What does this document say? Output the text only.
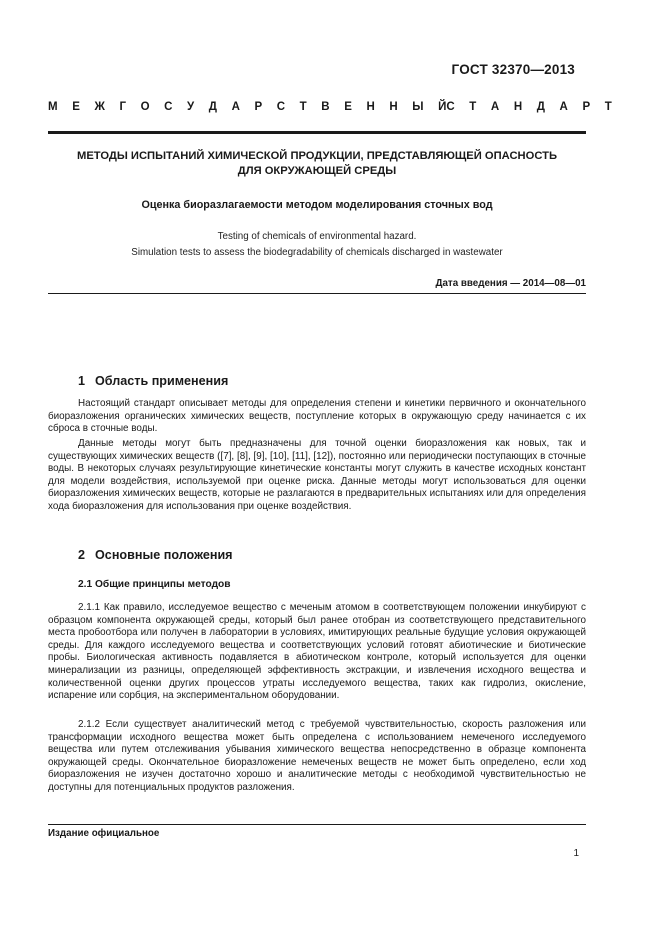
ГОСТ 32370—2013
М Е Ж Г О С У Д А Р С Т В Е Н Н Ы Й С Т А Н Д А Р Т
МЕТОДЫ ИСПЫТАНИЙ ХИМИЧЕСКОЙ ПРОДУКЦИИ, ПРЕДСТАВЛЯЮЩЕЙ ОПАСНОСТЬ
ДЛЯ ОКРУЖАЮЩЕЙ СРЕДЫ
Оценка биоразлагаемости методом моделирования сточных вод
Testing of chemicals of environmental hazard.
Simulation tests to assess the biodegradability of chemicals discharged in wastewater
Дата введения — 2014—08—01
1 Область применения

Настоящий стандарт описывает методы для определения степени и кинетики первичного и окончательного биоразложения органических химических веществ, поступление которых в окружающую среду начинается с их сброса в сточные воды.

Данные методы могут быть предназначены для точной оценки биоразложения как новых, так и существующих химических веществ ([7], [8], [9], [10], [11], [12]), постоянно или периодически поступающих в сточные воды. В некоторых случаях результирующие кинетические константы могут служить в качестве исходных констант для модели воздействия, используемой при оценке риска. Данные методы могут использоваться для оценки биоразложения химических веществ, которые не разлагаются в предварительных испытаниях или для определения хода биоразложения для использования при оценке воздействия.

2 Основные положения
2.1 Общие принципы методов

2.1.1 Как правило, исследуемое вещество с меченым атомом в соответствующем положении инкубируют с образцом компонента окружающей среды, который был ранее отобран из соответствующего представительного места пробоотбора или получен в лаборатории в условиях, имитирующих реальные будущие условия окружающей среды. Для каждого исследуемого вещества и соответствующих условий готовят абиотические и биотические пробы. Биологическая активность подавляется в абиотическом контроле, который используется для оценки минерализации из разницы, определяющей эффективность экстракции, и извлечения исходного вещества и количественной оценки других процессов утраты исследуемого вещества, таких как гидролиз, окисление, испарение или сорбция, на экспериментальном оборудовании.

2.1.2 Если существует аналитический метод с требуемой чувствительностью, скорость разложения или трансформации исходного вещества может быть определена с использованием немеченого исследуемого вещества или путем отслеживания убывания химического вещества непосредственно в образце компонента окружающей среды. Окончательное биоразложение немеченых веществ не может быть определено, если ход биоразложения не изучен достаточно хорошо и аналитические методы с необходимой чувствительностью не доступны для потенциальных продуктов разложения.

Издание официальное
1
